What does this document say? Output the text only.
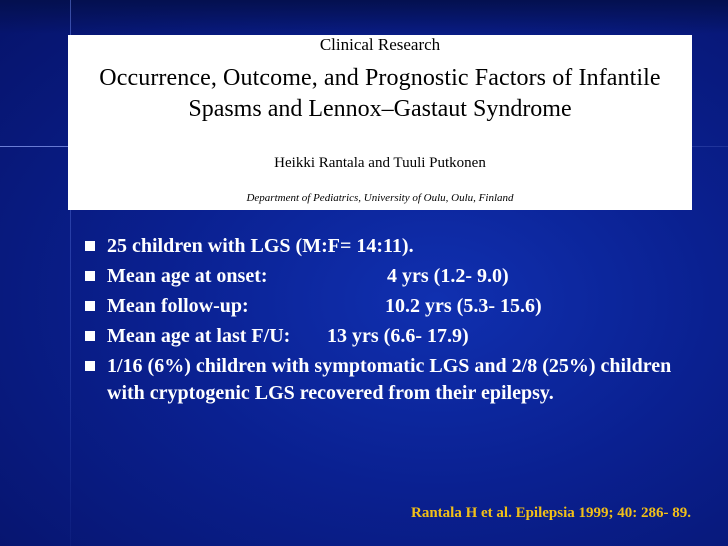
Clinical Research
Occurrence, Outcome, and Prognostic Factors of Infantile
Spasms and Lennox–Gastaut Syndrome
Heikki Rantala and Tuuli Putkonen
Department of Pediatrics, University of Oulu, Oulu, Finland
25 children with LGS (M:F= 14:11).
Mean age at onset:	4 yrs (1.2- 9.0)
Mean follow-up:	10.2 yrs (5.3- 15.6)
Mean age at last F/U: 13 yrs (6.6- 17.9)
1/16 (6%) children with symptomatic LGS and 2/8 (25%) children with cryptogenic LGS recovered from their epilepsy.
Rantala H et al. Epilepsia 1999; 40: 286- 89.
